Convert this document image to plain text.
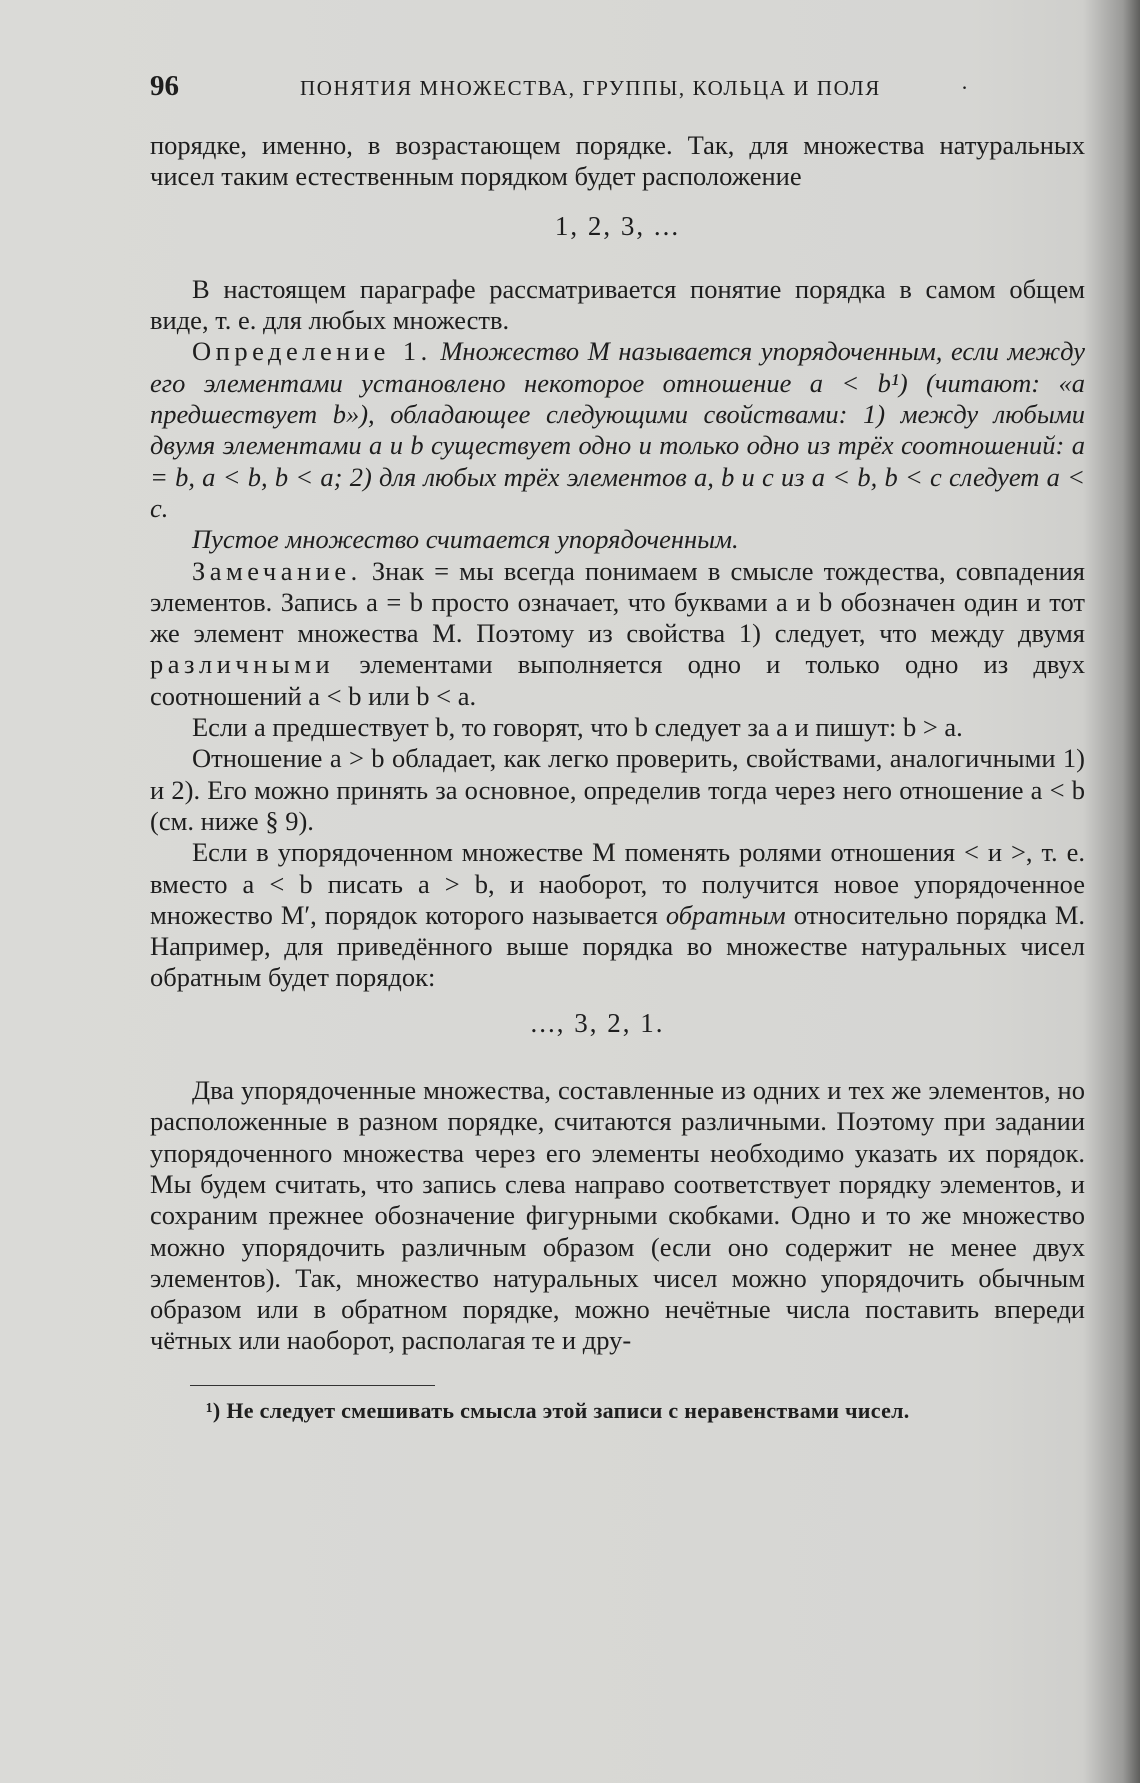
96	ПОНЯТИЯ МНОЖЕСТВА, ГРУППЫ, КОЛЬЦА И ПОЛЯ	·

порядке, именно, в возрастающем порядке. Так, для множества натуральных чисел таким естественным порядком будет расположение

1, 2, 3, ...

В настоящем параграфе рассматривается понятие порядка в самом общем виде, т. е. для любых множеств.

Определение 1. Множество M называется упорядоченным, если между его элементами установлено некоторое отношение a < b¹) (читают: «a предшествует b»), обладающее следующими свойствами: 1) между любыми двумя элементами a и b существует одно и только одно из трёх соотношений: a = b, a < b, b < a; 2) для любых трёх элементов a, b и c из a < b, b < c следует a < c.

Пустое множество считается упорядоченным.

Замечание. Знак = мы всегда понимаем в смысле тождества, совпадения элементов. Запись a = b просто означает, что буквами a и b обозначен один и тот же элемент множества M. Поэтому из свойства 1) следует, что между двумя различными элементами выполняется одно и только одно из двух соотношений a < b или b < a.

Если a предшествует b, то говорят, что b следует за a и пишут: b > a.

Отношение a > b обладает, как легко проверить, свойствами, аналогичными 1) и 2). Его можно принять за основное, определив тогда через него отношение a < b (см. ниже § 9).

Если в упорядоченном множестве M поменять ролями отношения < и >, т. е. вместо a < b писать a > b, и наоборот, то получится новое упорядоченное множество M′, порядок которого называется обратным относительно порядка M. Например, для приведённого выше порядка во множестве натуральных чисел обратным будет порядок:

..., 3, 2, 1.

Два упорядоченные множества, составленные из одних и тех же элементов, но расположенные в разном порядке, считаются различными. Поэтому при задании упорядоченного множества через его элементы необходимо указать их порядок. Мы будем считать, что запись слева направо соответствует порядку элементов, и сохраним прежнее обозначение фигурными скобками. Одно и то же множество можно упорядочить различным образом (если оно содержит не менее двух элементов). Так, множество натуральных чисел можно упорядочить обычным образом или в обратном порядке, можно нечётные числа поставить впереди чётных или наоборот, располагая те и дру-

¹) Не следует смешивать смысла этой записи с неравенствами чисел.
